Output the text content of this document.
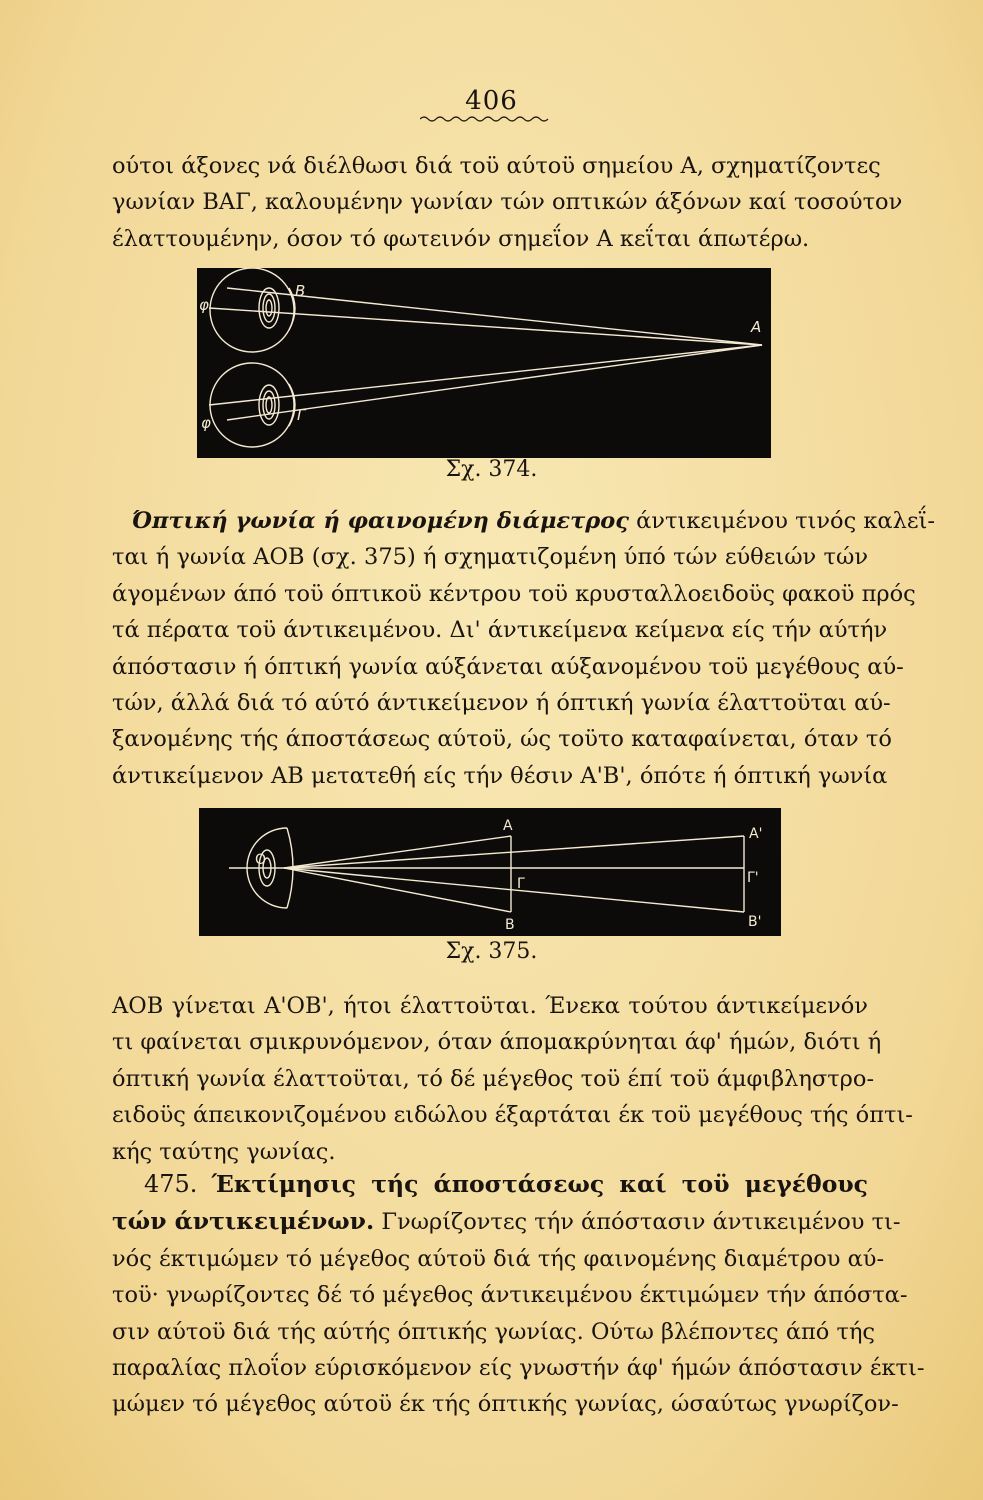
406
ούτοι άξονες νά διέλθωσι διά τοϋ αύτοϋ σημείου Α, σχηματίζοντες
γωνίαν ΒΑΓ, καλουμένην γωνίαν τών οπτικών άξόνων καί τοσούτον
έλαττουμένην, όσον τό φωτεινόν σημεΐον Α κεΐται άπωτέρω.
φ
Β
Α
φ	Γ
Σχ. 374.
Όπτική γωνία ή φαινομένη διάμετρος άντικειμένου τινός καλεΐ-
ται ή γωνία ΑΟΒ (σχ. 375) ή σχηματιζομένη ύπό τών εύθειών τών
άγομένων άπό τοϋ όπτικοϋ κέντρου τοϋ κρυσταλλοειδοϋς φακοϋ πρός
τά πέρατα τοϋ άντικειμένου. Δι' άντικείμενα κείμενα είς τήν αύτήν
άπόστασιν ή όπτική γωνία αύξάνεται αύξανομένου τοϋ μεγέθους αύ-
τών, άλλά διά τό αύτό άντικείμενον ή όπτική γωνία έλαττοϋται αύ-
ξανομένης τής άποστάσεως αύτοϋ, ώς τοϋτο καταφαίνεται, όταν τό
άντικείμενον ΑΒ μετατεθή είς τήν θέσιν Α'Β', όπότε ή όπτική γωνία
Ο
Α
Γ
Β
Α'
Γ'
Β'
Σχ. 375.
ΑΟΒ γίνεται Α'ΟΒ', ήτοι έλαττοϋται. Ένεκα τούτου άντικείμενόν
τι φαίνεται σμικρυνόμενον, όταν άπομακρύνηται άφ' ήμών, διότι ή
όπτική γωνία έλαττοϋται, τό δέ μέγεθος τοϋ έπί τοϋ άμφιβληστρο-
ειδοϋς άπεικονιζομένου ειδώλου έξαρτάται έκ τοϋ μεγέθους τής όπτι-
κής ταύτης γωνίας.
475. Έκτίμησις τής άποστάσεως καί τοϋ μεγέθους
τών άντικειμένων. Γνωρίζοντες τήν άπόστασιν άντικειμένου τι-
νός έκτιμώμεν τό μέγεθος αύτοϋ διά τής φαινομένης διαμέτρου αύ-
τοϋ· γνωρίζοντες δέ τό μέγεθος άντικειμένου έκτιμώμεν τήν άπόστα-
σιν αύτοϋ διά τής αύτής όπτικής γωνίας. Ούτω βλέποντες άπό τής
παραλίας πλοΐον εύρισκόμενον είς γνωστήν άφ' ήμών άπόστασιν έκτι-
μώμεν τό μέγεθος αύτοϋ έκ τής όπτικής γωνίας, ώσαύτως γνωρίζον-
